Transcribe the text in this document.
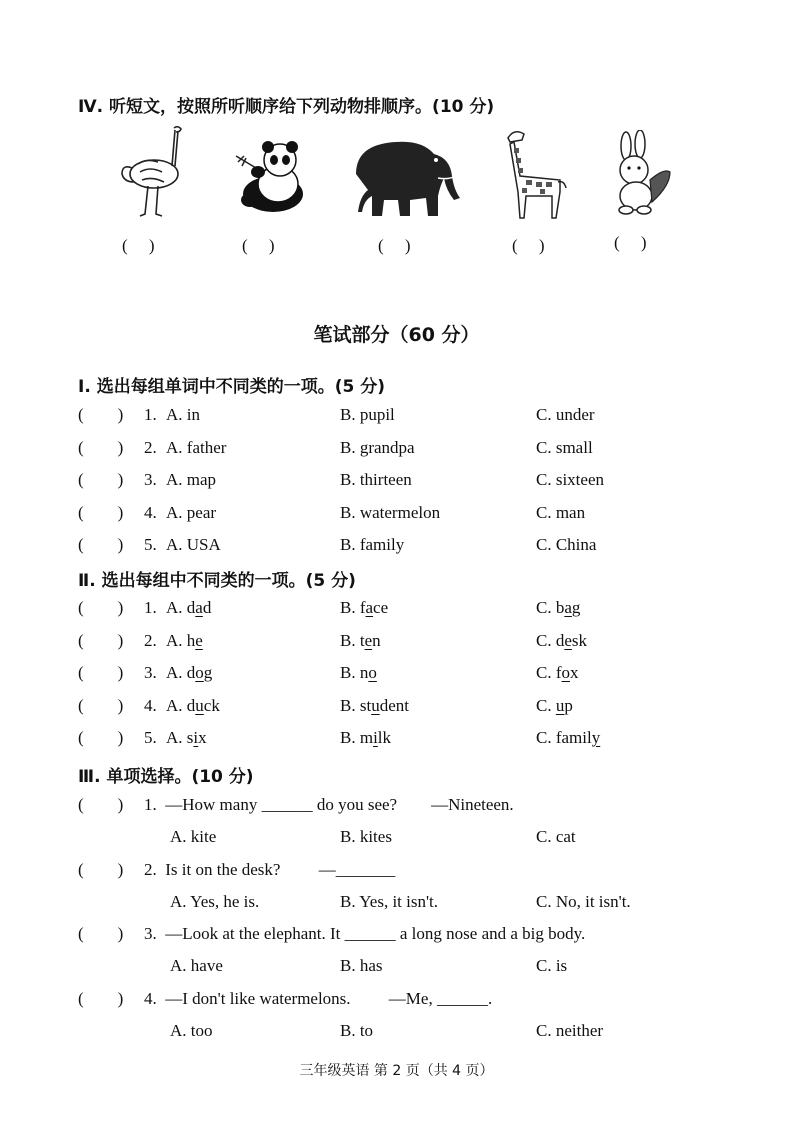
Ⅳ. 听短文，按照所听顺序给下列动物排顺序。(10 分)
(     )	(     )	(     )	(     )	(     )
笔试部分（60 分）
Ⅰ. 选出每组单词中不同类的一项。(5 分)
(        ) 1. A. in	B. pupil	C. under
(        ) 2. A. father	B. grandpa	C. small
(        ) 3. A. map	B. thirteen	C. sixteen
(        ) 4. A. pear	B. watermelon	C. man
(        ) 5. A. USA	B. family	C. China
Ⅱ. 选出每组中不同类的一项。(5 分)
(        ) 1. A. dad	B. face	C. bag
(        ) 2. A. he	B. ten	C. desk
(        ) 3. A. dog	B. no	C. fox
(        ) 4. A. duck	B. student	C. up
(        ) 5. A. six	B. milk	C. family
Ⅲ. 单项选择。(10 分)
(        ) 1.  —How many ______ do you see?        —Nineteen.
A. kite	B. kites	C. cat
(        ) 2.  Is it on the desk?         —_______
A. Yes, he is.	B. Yes, it isn't.	C. No, it isn't.
(        ) 3.  —Look at the elephant. It ______ a long nose and a big body.
A. have	B. has	C. is
(        ) 4.  —I don't like watermelons.         —Me, ______.
A. too	B. to	C. neither
三年级英语 第 2 页（共 4 页）
